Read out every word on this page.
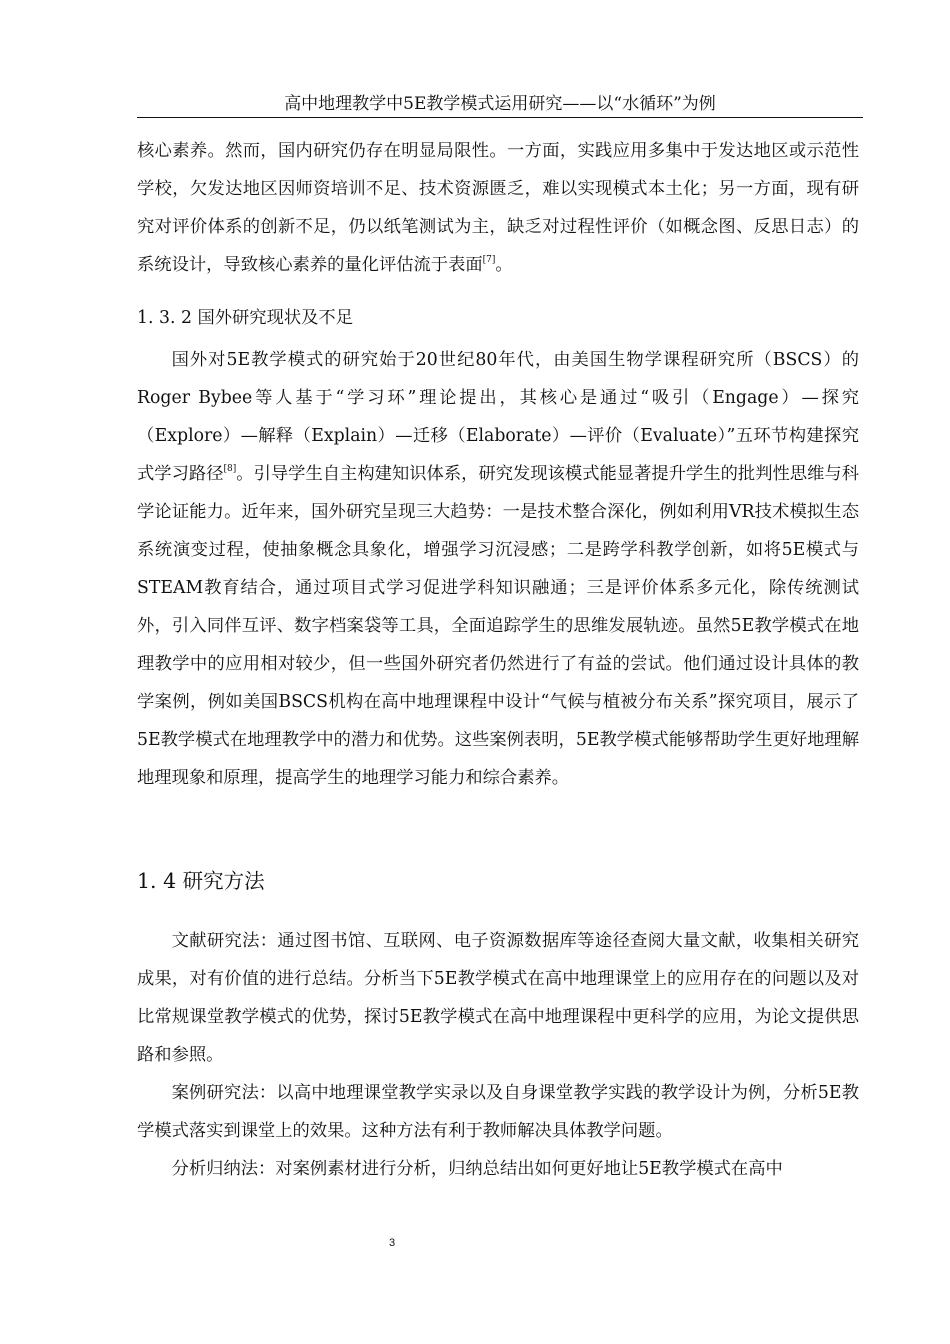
高中地理教学中5E教学模式运用研究——以“水循环”为例

核心素养。然而，国内研究仍存在明显局限性。一方面，实践应用多集中于发达地区或示范性学校，欠发达地区因师资培训不足、技术资源匮乏，难以实现模式本土化；另一方面，现有研究对评价体系的创新不足，仍以纸笔测试为主，缺乏对过程性评价（如概念图、反思日志）的系统设计，导致核心素养的量化评估流于表面[7]。

1. 3. 2 国外研究现状及不足

国外对5E教学模式的研究始于20世纪80年代，由美国生物学课程研究所（BSCS）的Roger Bybee等人基于“学习环”理论提出，其核心是通过“吸引（Engage）—探究（Explore）—解释（Explain）—迁移（Elaborate）—评价（Evaluate）”五环节构建探究式学习路径[8]。引导学生自主构建知识体系，研究发现该模式能显著提升学生的批判性思维与科学论证能力。近年来，国外研究呈现三大趋势：一是技术整合深化，例如利用VR技术模拟生态系统演变过程，使抽象概念具象化，增强学习沉浸感；二是跨学科教学创新，如将5E模式与STEAM教育结合，通过项目式学习促进学科知识融通；三是评价体系多元化，除传统测试外，引入同伴互评、数字档案袋等工具，全面追踪学生的思维发展轨迹。虽然5E教学模式在地理教学中的应用相对较少，但一些国外研究者仍然进行了有益的尝试。他们通过设计具体的教学案例，例如美国BSCS机构在高中地理课程中设计“气候与植被分布关系”探究项目，展示了5E教学模式在地理教学中的潜力和优势。这些案例表明，5E教学模式能够帮助学生更好地理解地理现象和原理，提高学生的地理学习能力和综合素养。

1. 4 研究方法

文献研究法：通过图书馆、互联网、电子资源数据库等途径查阅大量文献，收集相关研究成果，对有价值的进行总结。分析当下5E教学模式在高中地理课堂上的应用存在的问题以及对比常规课堂教学模式的优势，探讨5E教学模式在高中地理课程中更科学的应用，为论文提供思路和参照。

案例研究法：以高中地理课堂教学实录以及自身课堂教学实践的教学设计为例，分析5E教学模式落实到课堂上的效果。这种方法有利于教师解决具体教学问题。

分析归纳法：对案例素材进行分析，归纳总结出如何更好地让5E教学模式在高中

3
